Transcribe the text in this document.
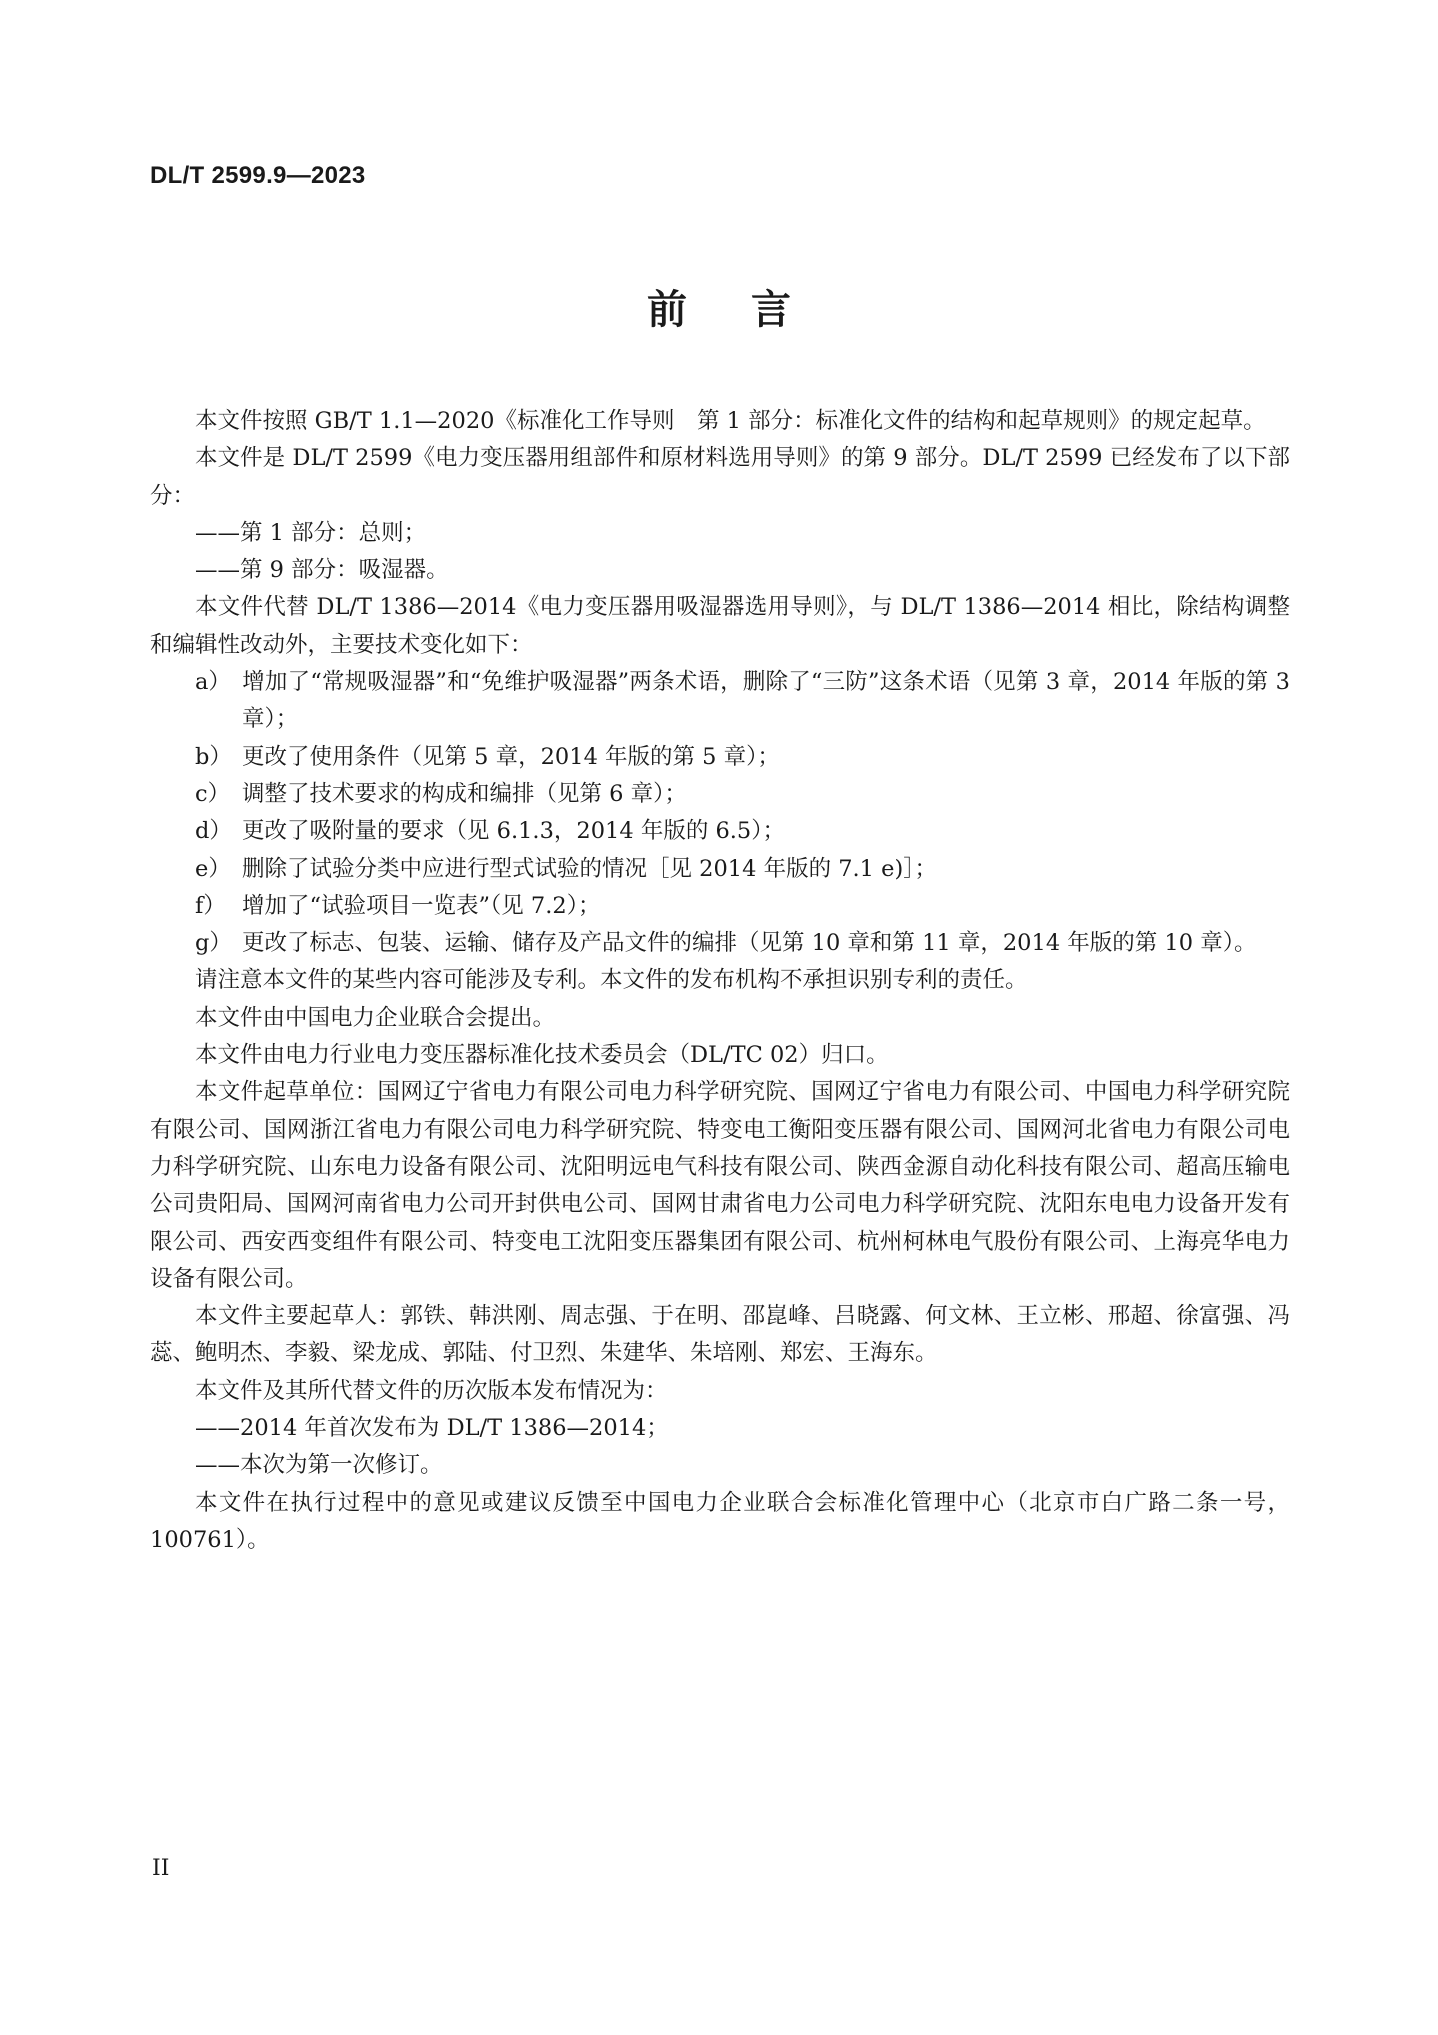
DL/T 2599.9—2023
前言

本文件按照 GB/T 1.1—2020《标准化工作导则　第 1 部分：标准化文件的结构和起草规则》的规定起草。

本文件是 DL/T 2599《电力变压器用组部件和原材料选用导则》的第 9 部分。DL/T 2599 已经发布了以下部分：

——第 1 部分：总则；

——第 9 部分：吸湿器。

本文件代替 DL/T 1386—2014《电力变压器用吸湿器选用导则》，与 DL/T 1386—2014 相比，除结构调整和编辑性改动外，主要技术变化如下：

a） 增加了“常规吸湿器”和“免维护吸湿器”两条术语，删除了“三防”这条术语（见第 3 章，2014 年版的第 3 章）；

b） 更改了使用条件（见第 5 章，2014 年版的第 5 章）；

c） 调整了技术要求的构成和编排（见第 6 章）；

d） 更改了吸附量的要求（见 6.1.3，2014 年版的 6.5）；

e） 删除了试验分类中应进行型式试验的情况［见 2014 年版的 7.1 e)］；

f） 增加了“试验项目一览表”（见 7.2）；

g） 更改了标志、包装、运输、储存及产品文件的编排（见第 10 章和第 11 章，2014 年版的第 10 章）。

请注意本文件的某些内容可能涉及专利。本文件的发布机构不承担识别专利的责任。

本文件由中国电力企业联合会提出。

本文件由电力行业电力变压器标准化技术委员会（DL/TC 02）归口。

本文件起草单位：国网辽宁省电力有限公司电力科学研究院、国网辽宁省电力有限公司、中国电力科学研究院有限公司、国网浙江省电力有限公司电力科学研究院、特变电工衡阳变压器有限公司、国网河北省电力有限公司电力科学研究院、山东电力设备有限公司、沈阳明远电气科技有限公司、陕西金源自动化科技有限公司、超高压输电公司贵阳局、国网河南省电力公司开封供电公司、国网甘肃省电力公司电力科学研究院、沈阳东电电力设备开发有限公司、西安西变组件有限公司、特变电工沈阳变压器集团有限公司、杭州柯林电气股份有限公司、上海亮华电力设备有限公司。

本文件主要起草人：郭铁、韩洪刚、周志强、于在明、邵崑峰、吕晓露、何文林、王立彬、邢超、徐富强、冯蕊、鲍明杰、李毅、梁龙成、郭陆、付卫烈、朱建华、朱培刚、郑宏、王海东。

本文件及其所代替文件的历次版本发布情况为：

——2014 年首次发布为 DL/T 1386—2014；

——本次为第一次修订。

本文件在执行过程中的意见或建议反馈至中国电力企业联合会标准化管理中心（北京市白广路二条一号，100761）。

II
